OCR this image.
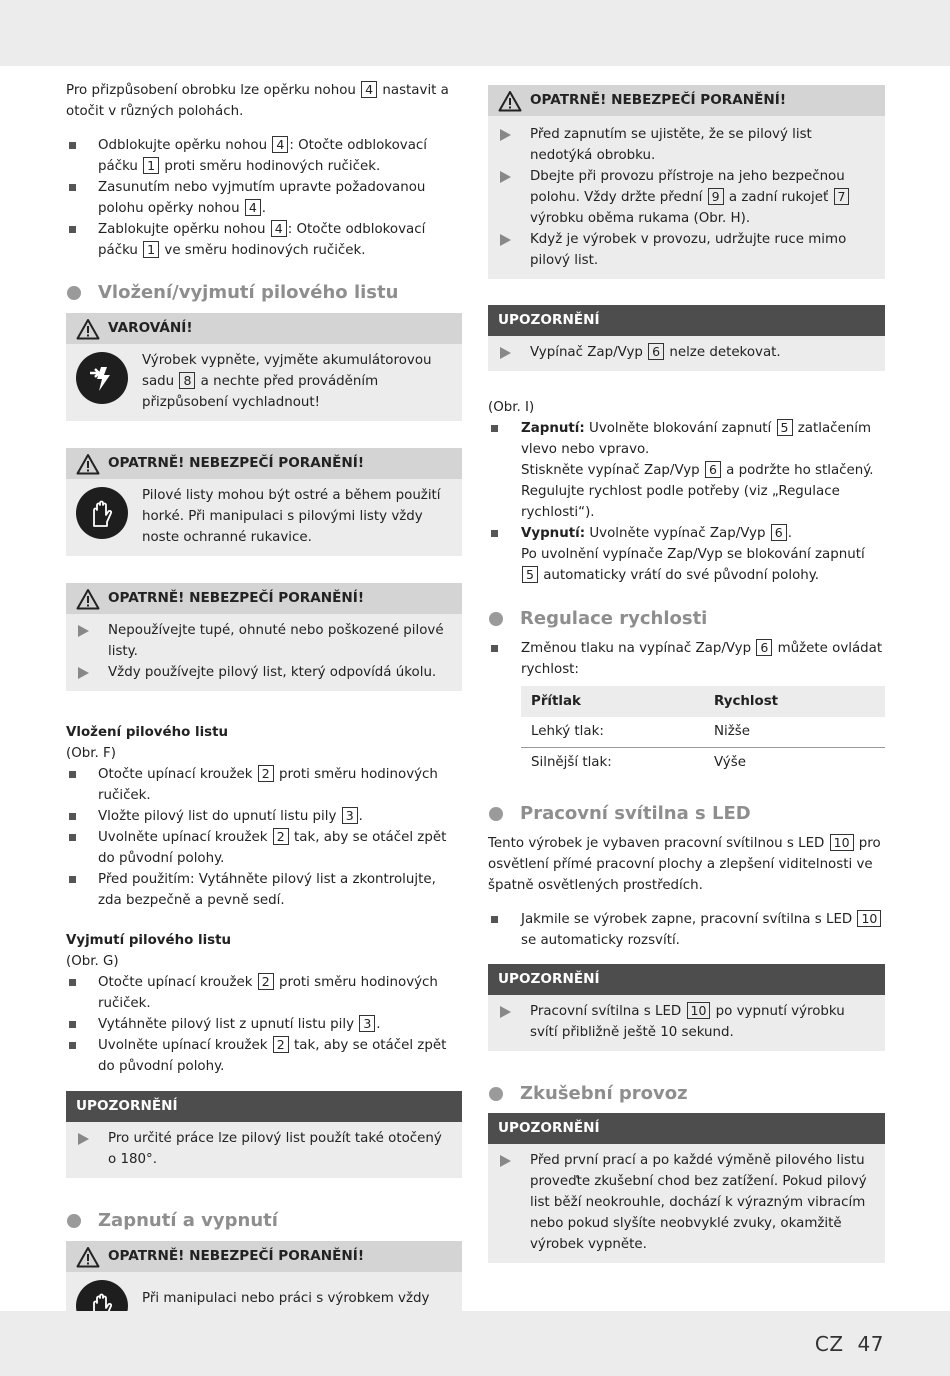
Pro přizpůsobení obrobku lze opěrku nohou 4 nastavit a otočit v různých polohách.

Odblokujte opěrku nohou 4 : Otočte odblokovací páčku 1 proti směru hodinových ručiček.
Zasunutím nebo vyjmutím upravte požadovanou polohu opěrky nohou 4 .
Zablokujte opěrku nohou 4 : Otočte odblokovací páčku 1 ve směru hodinových ručiček.
Vložení/vyjmutí pilového listu
VAROVÁNÍ!
Výrobek vypněte, vyjměte akumulátorovou sadu 8 a nechte před prováděním přizpůsobení vychladnout!
OPATRNĚ! NEBEZPEČÍ PORANĚNÍ!
Pilové listy mohou být ostré a během použití horké. Při manipulaci s pilovými listy vždy noste ochranné rukavice.
OPATRNĚ! NEBEZPEČÍ PORANĚNÍ!
Nepoužívejte tupé, ohnuté nebo poškozené pilové listy.
Vždy používejte pilový list, který odpovídá úkolu.
Vložení pilového listu
(Obr. F)
Otočte upínací kroužek 2 proti směru hodinových ručiček.
Vložte pilový list do upnutí listu pily 3 .
Uvolněte upínací kroužek 2 tak, aby se otáčel zpět do původní polohy.
Před použitím: Vytáhněte pilový list a zkontrolujte, zda bezpečně a pevně sedí.
Vyjmutí pilového listu
(Obr. G)
Otočte upínací kroužek 2 proti směru hodinových ručiček.
Vytáhněte pilový list z upnutí listu pily 3 .
Uvolněte upínací kroužek 2 tak, aby se otáčel zpět do původní polohy.
UPOZORNĚNÍ
Pro určité práce lze pilový list použít také otočený o 180°.
Zapnutí a vypnutí
OPATRNĚ! NEBEZPEČÍ PORANĚNÍ!
Při manipulaci nebo práci s výrobkem vždy
OPATRNĚ! NEBEZPEČÍ PORANĚNÍ!
Před zapnutím se ujistěte, že se pilový list nedotýká obrobku.
Dbejte při provozu přístroje na jeho bezpečnou polohu. Vždy držte přední 9 a zadní rukojeť 7 výrobku oběma rukama (Obr. H).
Když je výrobek v provozu, udržujte ruce mimo pilový list.
UPOZORNĚNÍ
Vypínač Zap/Vyp 6 nelze detekovat.
(Obr. I)
Zapnutí: Uvolněte blokování zapnutí 5 zatlačením vlevo nebo vpravo.
Stiskněte vypínač Zap/Vyp 6 a podržte ho stlačený.
Regulujte rychlost podle potřeby (viz „Regulace rychlosti“).
Vypnutí: Uvolněte vypínač Zap/Vyp 6 .
Po uvolnění vypínače Zap/Vyp se blokování zapnutí 5 automaticky vrátí do své původní polohy.
Regulace rychlosti
Změnou tlaku na vypínač Zap/Vyp 6 můžete ovládat rychlost:
Přítlak	Rychlost
Lehký tlak:	Nižše
Silnější tlak:	Výše
Pracovní svítilna s LED

Tento výrobek je vybaven pracovní svítilnou s LED 10 pro osvětlení přímé pracovní plochy a zlepšení viditelnosti ve špatně osvětlených prostředích.

Jakmile se výrobek zapne, pracovní svítilna s LED 10 se automaticky rozsvítí.
UPOZORNĚNÍ
Pracovní svítilna s LED 10 po vypnutí výrobku svítí přibližně ještě 10 sekund.
Zkušební provoz
UPOZORNĚNÍ
Před první prací a po každé výměně pilového listu proveďte zkušební chod bez zatížení. Pokud pilový list běží neokrouhle, dochází k výrazným vibracím nebo pokud slyšíte neobvyklé zvuky, okamžitě výrobek vypněte.
CZ 47
